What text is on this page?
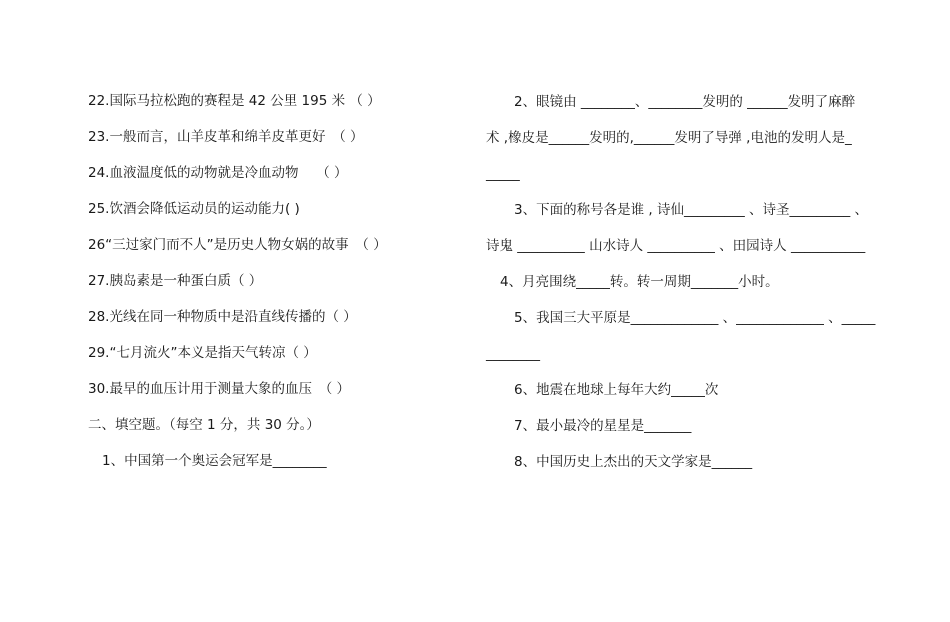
22.国际马拉松跑的赛程是 42 公里 195 米 （ ）
23.一般而言，山羊皮革和绵羊皮革更好　（ ）
24.血液温度低的动物就是冷血动物　 （ ）
25.饮酒会降低运动员的运动能力( )
26“三过家门而不人”是历史人物女娲的故事　（ ）
27.胰岛素是一种蛋白质（ ）
28.光线在同一种物质中是沿直线传播的（ ）
29.“七月流火”本义是指天气转凉（ ）
30.最早的血压计用于测量大象的血压　（ ）
二、填空题。（每空 1 分，共 30 分。）
1、中国第一个奥运会冠军是________
2、眼镜由 ________、________发明的 ______发明了麻醉
术 ,橡皮是______发明的,______发明了导弹 ,电池的发明人是_
_____
3、下面的称号各是谁 , 诗仙_________ 、诗圣_________ 、
诗鬼 __________ 山水诗人 __________ 、田园诗人 ___________
4、月亮围绕_____转。转一周期_______小时。
5、我国三大平原是_____________ 、_____________ 、_____
________
6、地震在地球上每年大约_____次
7、最小最冷的星星是_______
8、中国历史上杰出的天文学家是______
